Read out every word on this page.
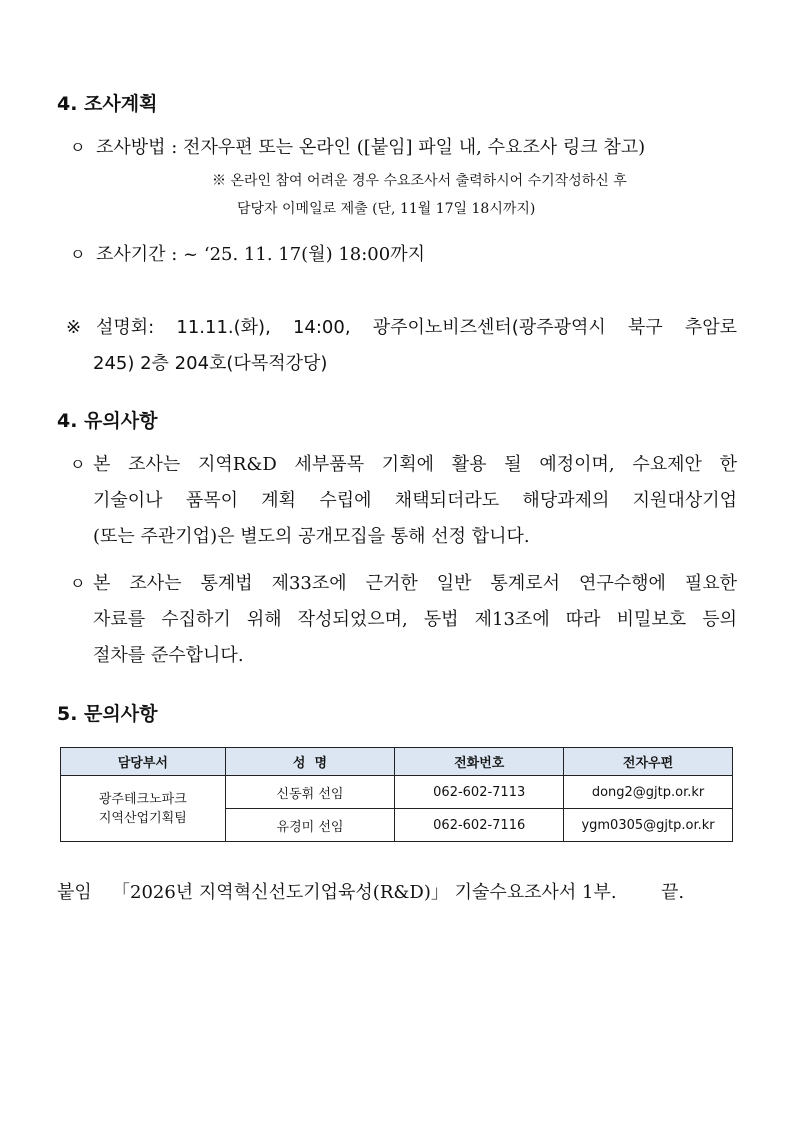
4. 조사계획
ㅇ 조사방법 : 전자우편 또는 온라인 ([붙임] 파일 내, 수요조사 링크 참고)
※ 온라인 참여 어려운 경우 수요조사서 출력하시어 수기작성하신 후
담당자 이메일로 제출 (단, 11월 17일 18시까지)
ㅇ 조사기간 : ~ ‘25. 11. 17(월) 18:00까지
※ 설명회: 11.11.(화), 14:00, 광주이노비즈센터(광주광역시 북구 추암로
245) 2층 204호(다목적강당)
4. 유의사항
ㅇ 본 조사는 지역R&D 세부품목 기획에 활용 될 예정이며, 수요제안 한
기술이나 품목이 계획 수립에 채택되더라도 해당과제의 지원대상기업
(또는 주관기업)은 별도의 공개모집을 통해 선정 합니다.
ㅇ 본 조사는 통계법 제33조에 근거한 일반 통계로서 연구수행에 필요한
자료를 수집하기 위해 작성되었으며, 동법 제13조에 따라 비밀보호 등의
절차를 준수합니다.
5. 문의사항
담당부서	성  명	전화번호	전자우편

광주테크노파크
지역산업기획팀	신동휘 선임	062-602-7113	dong2@gjtp.or.kr
	유경미 선임	062-602-7116	ygm0305@gjtp.or.kr
붙임 「2026년 지역혁신선도기업육성(R&D)」 기술수요조사서 1부. 끝.
